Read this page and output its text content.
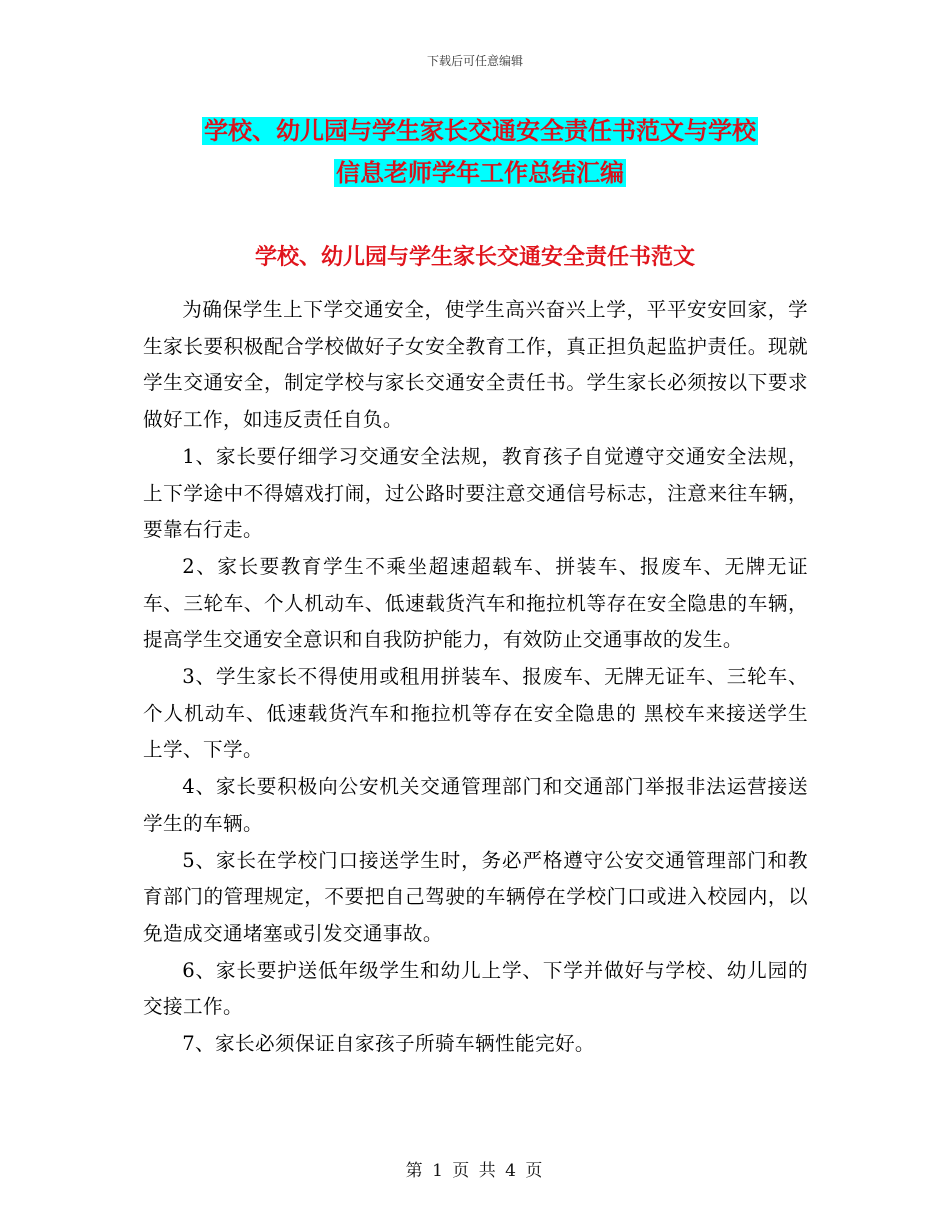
下载后可任意编辑
学校、幼儿园与学生家长交通安全责任书范文与学校
信息老师学年工作总结汇编
学校、幼儿园与学生家长交通安全责任书范文

为确保学生上下学交通安全，使学生高兴奋兴上学，平平安安回家，学生家长要积极配合学校做好子女安全教育工作，真正担负起监护责任。现就学生交通安全，制定学校与家长交通安全责任书。学生家长必须按以下要求做好工作，如违反责任自负。

1、家长要仔细学习交通安全法规，教育孩子自觉遵守交通安全法规，上下学途中不得嬉戏打闹，过公路时要注意交通信号标志，注意来往车辆，要靠右行走。

2、家长要教育学生不乘坐超速超载车、拼装车、报废车、无牌无证车、三轮车、个人机动车、低速载货汽车和拖拉机等存在安全隐患的车辆，提高学生交通安全意识和自我防护能力，有效防止交通事故的发生。

3、学生家长不得使用或租用拼装车、报废车、无牌无证车、三轮车、个人机动车、低速载货汽车和拖拉机等存在安全隐患的 黑校车来接送学生上学、下学。

4、家长要积极向公安机关交通管理部门和交通部门举报非法运营接送学生的车辆。

5、家长在学校门口接送学生时，务必严格遵守公安交通管理部门和教育部门的管理规定，不要把自己驾驶的车辆停在学校门口或进入校园内，以免造成交通堵塞或引发交通事故。

6、家长要护送低年级学生和幼儿上学、下学并做好与学校、幼儿园的交接工作。

7、家长必须保证自家孩子所骑车辆性能完好。

第 1 页 共 4 页
